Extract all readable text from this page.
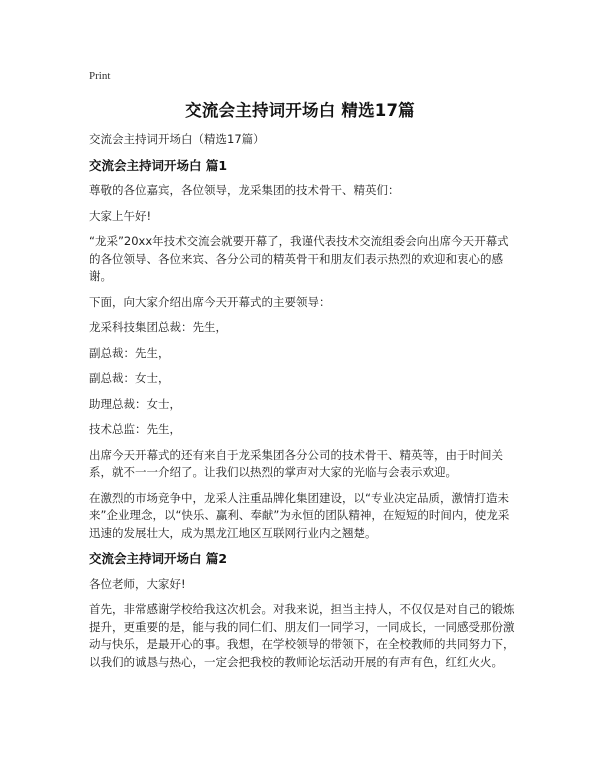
Print
交流会主持词开场白 精选17篇

交流会主持词开场白（精选17篇）

交流会主持词开场白 篇1

尊敬的各位嘉宾，各位领导，龙采集团的技术骨干、精英们：

大家上午好!

“龙采”20xx年技术交流会就要开幕了，我谨代表技术交流组委会向出席今天开幕式的各位领导、各位来宾、各分公司的精英骨干和朋友们表示热烈的欢迎和衷心的感谢。

下面，向大家介绍出席今天开幕式的主要领导：

龙采科技集团总裁：先生，

副总裁：先生，

副总裁：女士，

助理总裁：女士，

技术总监：先生，

出席今天开幕式的还有来自于龙采集团各分公司的技术骨干、精英等，由于时间关系，就不一一介绍了。让我们以热烈的掌声对大家的光临与会表示欢迎。

在激烈的市场竞争中，龙采人注重品牌化集团建设，以“专业决定品质，激情打造未来”企业理念，以“快乐、赢利、奉献”为永恒的团队精神，在短短的时间内，使龙采迅速的发展壮大，成为黑龙江地区互联网行业内之翘楚。

交流会主持词开场白 篇2

各位老师，大家好!

首先，非常感谢学校给我这次机会。对我来说，担当主持人，不仅仅是对自己的锻炼提升，更重要的是，能与我的同仁们、朋友们一同学习，一同成长，一同感受那份激动与快乐，是最开心的事。我想，在学校领导的带领下，在全校教师的共同努力下，以我们的诚恳与热心，一定会把我校的教师论坛活动开展的有声有色，红红火火。
